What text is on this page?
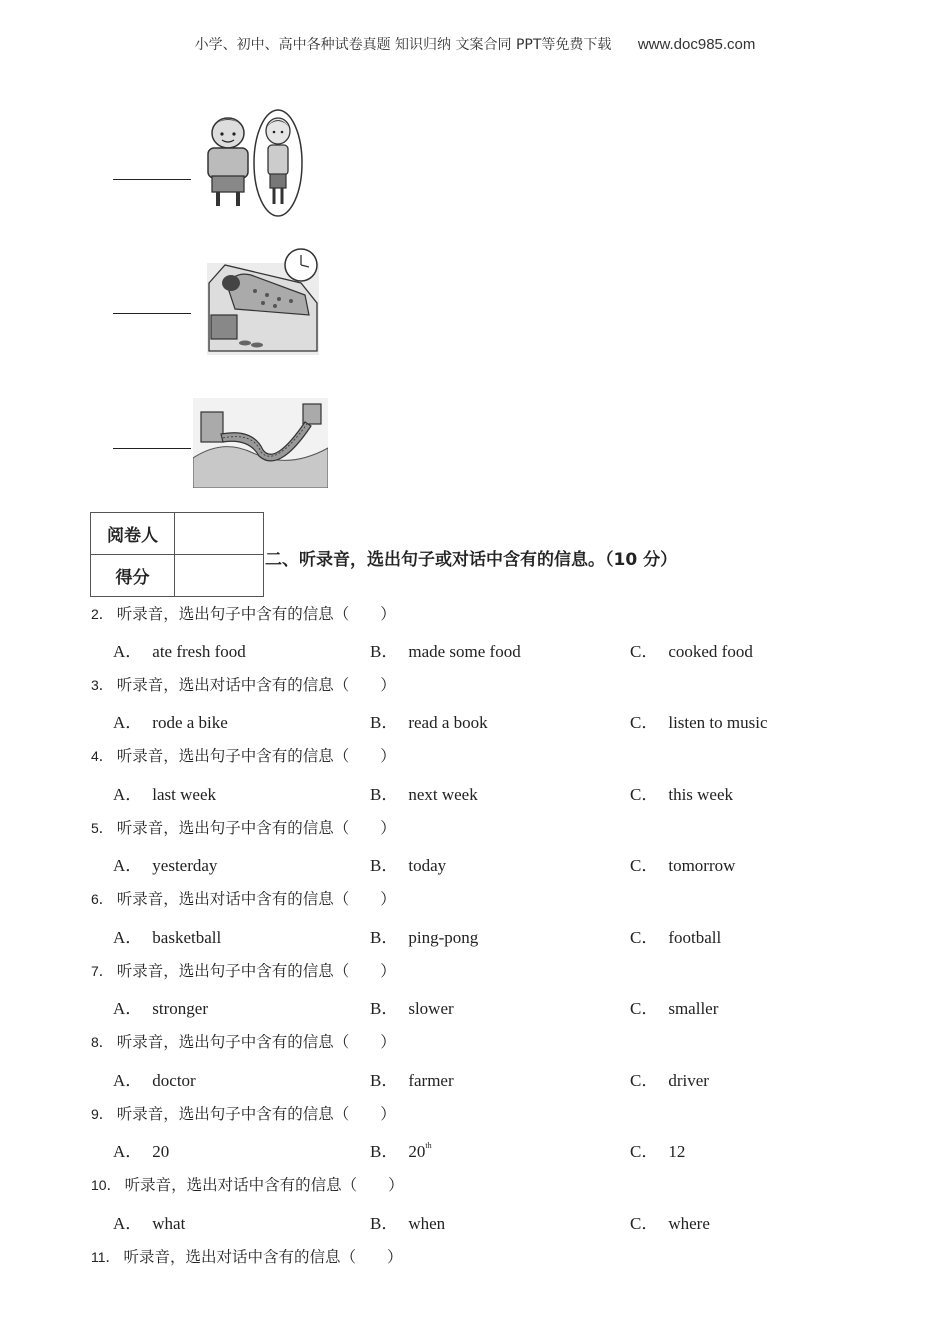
小学、初中、高中各种试卷真题 知识归纳 文案合同 PPT等免费下载 www.doc985.com
阅卷人	
得分	
二、听录音，选出句子或对话中含有的信息。（10 分）
2． 听录音，选出句子中含有的信息（　　）
A． ate fresh food	B． made some food	C． cooked food
3． 听录音，选出对话中含有的信息（　　）
A． rode a bike	B． read a book	C． listen to music
4． 听录音，选出句子中含有的信息（　　）
A． last week	B． next week	C． this week
5． 听录音，选出句子中含有的信息（　　）
A． yesterday	B． today	C． tomorrow
6． 听录音，选出对话中含有的信息（　　）
A． basketball	B． ping-pong	C． football
7． 听录音，选出句子中含有的信息（　　）
A． stronger	B． slower	C． smaller
8． 听录音，选出句子中含有的信息（　　）
A． doctor	B． farmer	C． driver
9． 听录音，选出句子中含有的信息（　　）
A． 20	B． 20th	C． 12
10． 听录音，选出对话中含有的信息（　　）
A． what	B． when	C． where
11． 听录音，选出对话中含有的信息（　　）
